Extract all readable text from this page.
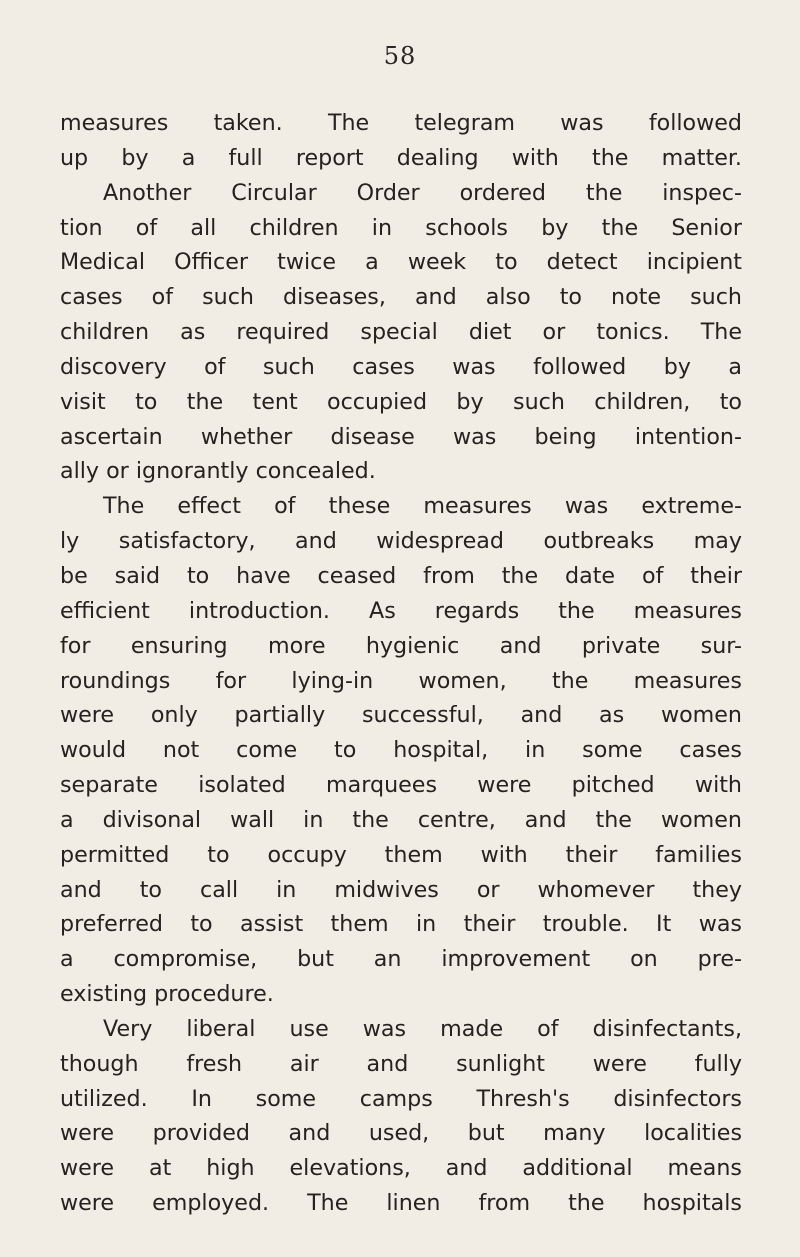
58
measures taken. The telegram was followed
up by a full report dealing with the matter.
Another Circular Order ordered the inspec-
tion of all children in schools by the Senior
Medical Officer twice a week to detect incipient
cases of such diseases, and also to note such
children as required special diet or tonics. The
discovery of such cases was followed by a
visit to the tent occupied by such children, to
ascertain whether disease was being intention-
ally or ignorantly concealed.
The effect of these measures was extreme-
ly satisfactory, and widespread outbreaks may
be said to have ceased from the date of their
efficient introduction. As regards the measures
for ensuring more hygienic and private sur-
roundings for lying-in women, the measures
were only partially successful, and as women
would not come to hospital, in some cases
separate isolated marquees were pitched with
a divisonal wall in the centre, and the women
permitted to occupy them with their families
and to call in midwives or whomever they
preferred to assist them in their trouble. It was
a compromise, but an improvement on pre-
existing procedure.
Very liberal use was made of disinfectants,
though fresh air and sunlight were fully
utilized. In some camps Thresh's disinfectors
were provided and used, but many localities
were at high elevations, and additional means
were employed. The linen from the hospitals
